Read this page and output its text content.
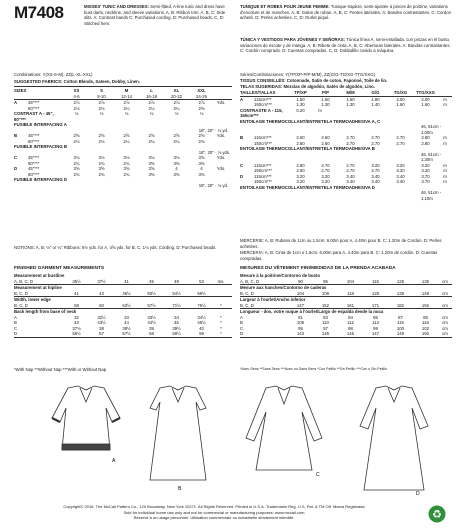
M7408	MISSES' TUNIC AND DRESSES: Semi-fitted, A-line tunic and dress have bust darts, neckline, and sleeve variations. A, B: Ribbon trim. A, B, C: Side slits. A: Contrast bands C: Purchased cording. D: Purchased beads. C, D: Stitched hem.
Combinations: Y(XS-S-M), ZZ(L-XL-XXL)
SUGGESTED FABRICS: Cotton Blends, Sateen, Dobby, Linen.
SIZES	XS	S	M	L	XL	XXL
4-6	8-10	12-14	16-18	20-22	24-26
A	45"***	2⅞	2⅞	2⅞	2⅞	2⅞	2⅞	Yds.
60"***	2⅛	2⅛	2¼	2¼	2¼	2⅜
CONTRAST A - 45", 60"***
⅛	⅛	⅛	⅛	⅛	⅛
FUSIBLE INTERFACING A
18", 20" · ⅛ yd.
B	45"***	2⅝	2⅝	2⅝	2⅝	2⅝	2⅝	Yds.
60"***	2⅛	2⅛	2¼	2¼	2¼	2⅜
FUSIBLE INTERFACING B
18", 20" · ⅛ yds.
C	45"***	3⅛	3⅛	3⅛	3⅛	3⅛	3⅝	Yds.
60"***	2¾	2¾	2¾	3⅜	3⅜	3⅜
D	45"***	3⅝	3⅝	3⅝	3⅝	4	4	Yds.
60"***	2¾	2¾	2¾	3⅜	3⅜	3⅜
FUSIBLE INTERFACING D
18", 20" · ⅛ yd.
NOTIONS: A, B: ⅛" or ¼" Ribbons: 6½ yds. for A, 4⅝ yds. for B. C: 1⅛ yds. Cording. D: Purchased beads.
FINISHED GARMENT MEASUREMENTS
Measurement at bustline
A, B, C, D	35½	37½	41	45	49	53	Ins.
Measurement at hipline
B, C, D	41	43	46½	50½	54½	59½
Width, lower edge
B, C, D	58	60	63½	67½	71½	75½	*
Back length from base of neck
A	32	32½	33	33½	34	34½	*
B	43	43½	44	44½	45	45½	*
C	37⅛	38	38½	39	39½	40	*
D	56½	57	57½	58	58½	59	*
*With Nap **Without Nap ***With or Without Nap
TUNIQUE ET ROBES POUR JEUNE FEMME: Tunique trapèze, semi-ajustée à pinces de poitrine, variations d'encolure et de manches. A, B: Galon de ruban. A, B, C: Fentes latérales. A: Bandes contrastantes. C: Cordon acheté. D: Perles achetées. C, D: Ourlet piqué.
TÚNICA Y VESTIDOS PARA JÓVENES Y SEÑORAS: Túnica línea A, semi-entallada, con pinzas en el busto, variaciones de escote y de manga. A, B: Ribete de cinta. A, B, C: Aberturas laterales. A: Bandas contrastantes. C: Cordón comprado. D: Cuentas compradas. C, D: Dobladillo cosido a máquina.
Séries/Combinaciones: Y(TP/XP-P/P-M/M), ZZ(G/G-TG/XG-TTG/XXG)
TISSUS CONSEILLÉS: Cotonnade, Satin de coton, Faponné, Toile de lin.
TELAS SUGERIDAS: Mezclas de algodón, Satén de algodón, Lino.
TAILLES/TALLAS	TP/XP	P/P	M/M	G/G	TG/XG	TTG/XXG
A	115cm***	1.50	1.50	1.60	1.90	2.00	2.00	m
150cm***	1.30	1.30	1.30	1.40	1.60	1.60	m
CONTRASTE A - 115, 150cm***
0.20	m
ENTOILAGE THERMOCOLLANT/ENTRETELA TERMOADHESIVA A, C
46, 51cm - 1,00m
B	115cm***	2.60	2.60	2.70	2.70	2.70	2.80	m
150cm***	2.60	2.60	2.70	2.70	2.70	2.80	m
ENTOILAGE THERMOCOLLANT/ENTRETELA TERMOADHESIVA B
46, 51cm - 1,30m
C	115cm***	2.80	2.70	2.70	3.20	3.20	3.20	m
150cm***	2.60	2.70	2.70	2.70	3.20	3.20	m
D	115cm***	3.20	3.20	3.40	3.40	3.40	3.70	m
150cm***	3.20	3.20	3.40	3.40	3.40	3.70	m
ENTOILAGE THERMOCOLLANT/ENTRETELA TERMOADHESIVA D
46, 51cm - 1,10m
MERCERIE: A, B: Rubans de 1cm ou 1.5cm: 6.00m pour A, 4.40m pour B. C: 1.20m de Cordon. D: Perles achetées.
MERCERÍA: A, B: Cinta de 1cm o 1.5cm: 6.00m para A, 4.40m para B. C: 1.20m de cordón. D: Cuentas compradas.
MESURES DU VÊTEMENT FINI/MEDIDAS DE LA PRENDA ACABADA
Mesure à la poitrine/Contorno de busto
A, B, C, D	90	95	104	115	125	135	cm
Mesure aux hanches/Contorno de caderas
B, C, D	104	109	118	128	138	149	cm
Largeur à l'ourlet/Ancho inferior
B, C, D	147	152	161	171	182	192	cm
Longueur - dos, votre nuque à l'ourlet/Largo de espalda desde la nuca
A	81	83	84	85	87	88	cm
B	109	110	112	113	115	116	cm
C	95	97	98	99	100	102	cm
D	143	145	146	147	149	150	cm
*Avec Sens **Sans Sens ***Avec ou Sans Sens *Con Pelillo **Sin Pelillo ***Con o Sin Pelillo
A
B
C
D
Copyright© 2016, The McCall Pattern Co., 120 Broadway, New York 10271. All Rights Reserved. Printed in U.S.A. Trademarks Reg. U.S. Pat. & TM Off. Marca Registrada
Sold for individual home use only and not for commercial or manufacturing purposes. www.mccall.com
Réservé à un usage personnel. Utilisation commerciale ou industrielle strictement interdite.	♻
